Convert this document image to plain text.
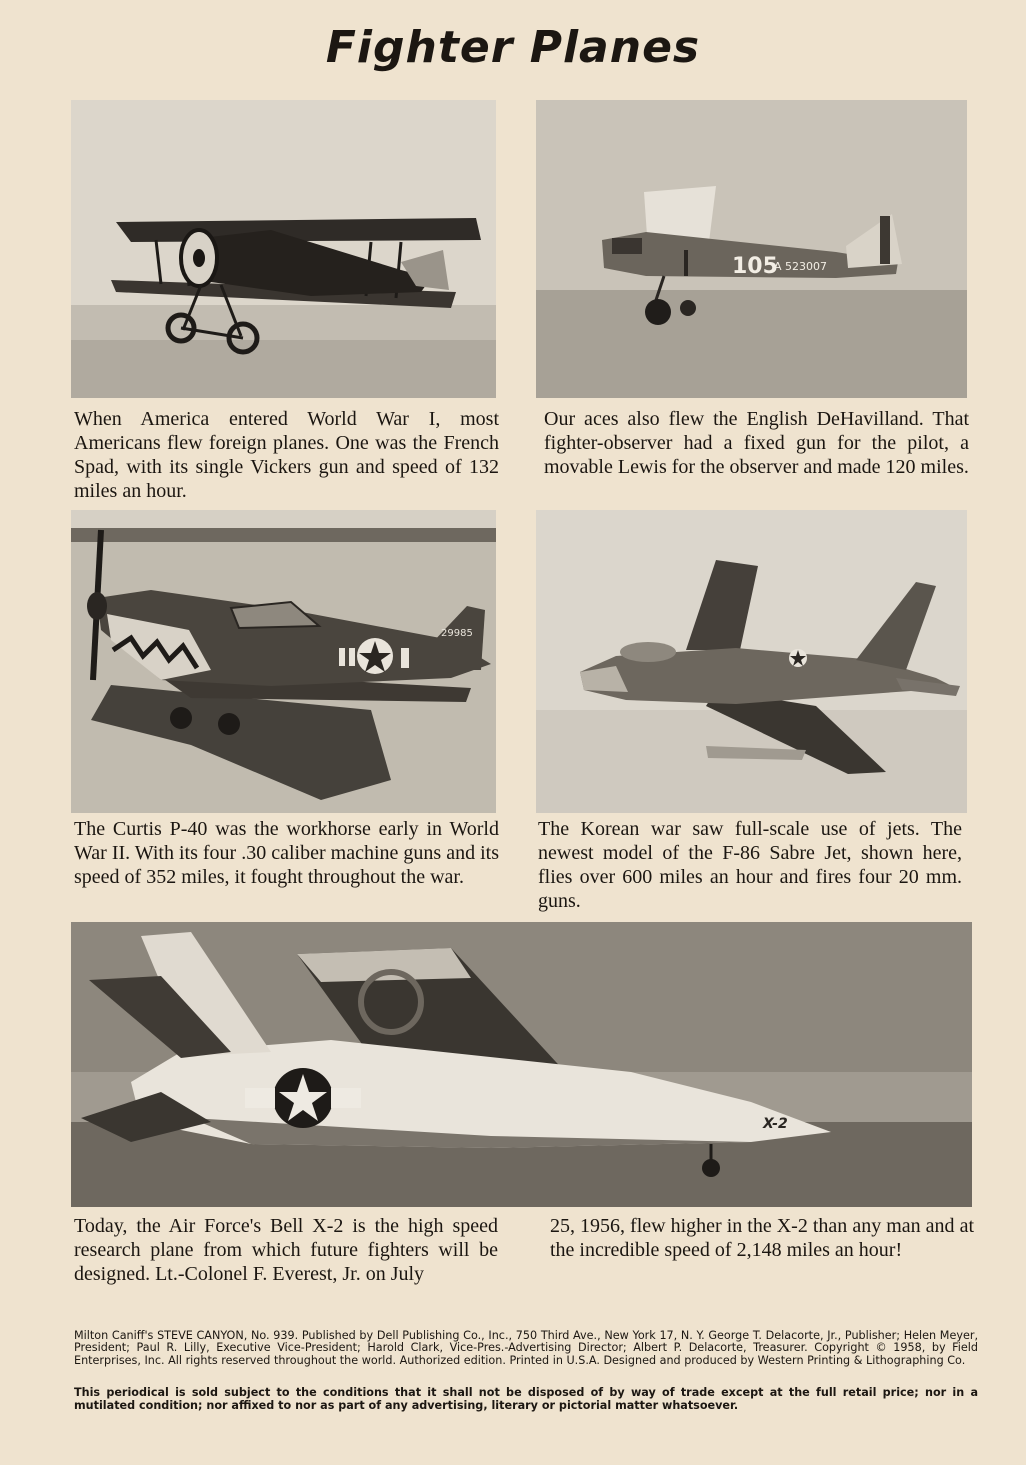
Fighter Planes
105
A 523007
When America entered World War I, most Americans flew foreign planes. One was the French Spad, with its single Vickers gun and speed of 132 miles an hour.
Our aces also flew the English DeHavilland. That fighter-observer had a fixed gun for the pilot, a movable Lewis for the observer and made 120 miles.
29985
The Curtis P-40 was the workhorse early in World War II. With its four .30 caliber machine guns and its speed of 352 miles, it fought throughout the war.
The Korean war saw full-scale use of jets. The newest model of the F-86 Sabre Jet, shown here, flies over 600 miles an hour and fires four 20 mm. guns.
X-2
Today, the Air Force's Bell X-2 is the high speed research plane from which future fighters will be designed. Lt.-Colonel F. Everest, Jr. on July
25, 1956, flew higher in the X-2 than any man and at the incredible speed of 2,148 miles an hour!
Milton Caniff's STEVE CANYON, No. 939. Published by Dell Publishing Co., Inc., 750 Third Ave., New York 17, N. Y. George T. Delacorte, Jr., Publisher; Helen Meyer, President; Paul R. Lilly, Executive Vice-President; Harold Clark, Vice-Pres.-Advertising Director; Albert P. Delacorte, Treasurer. Copyright © 1958, by Field Enterprises, Inc. All rights reserved throughout the world. Authorized edition. Printed in U.S.A. Designed and produced by Western Printing & Lithographing Co.
This periodical is sold subject to the conditions that it shall not be disposed of by way of trade except at the full retail price; nor in a mutilated condition; nor affixed to nor as part of any advertising, literary or pictorial matter whatsoever.
